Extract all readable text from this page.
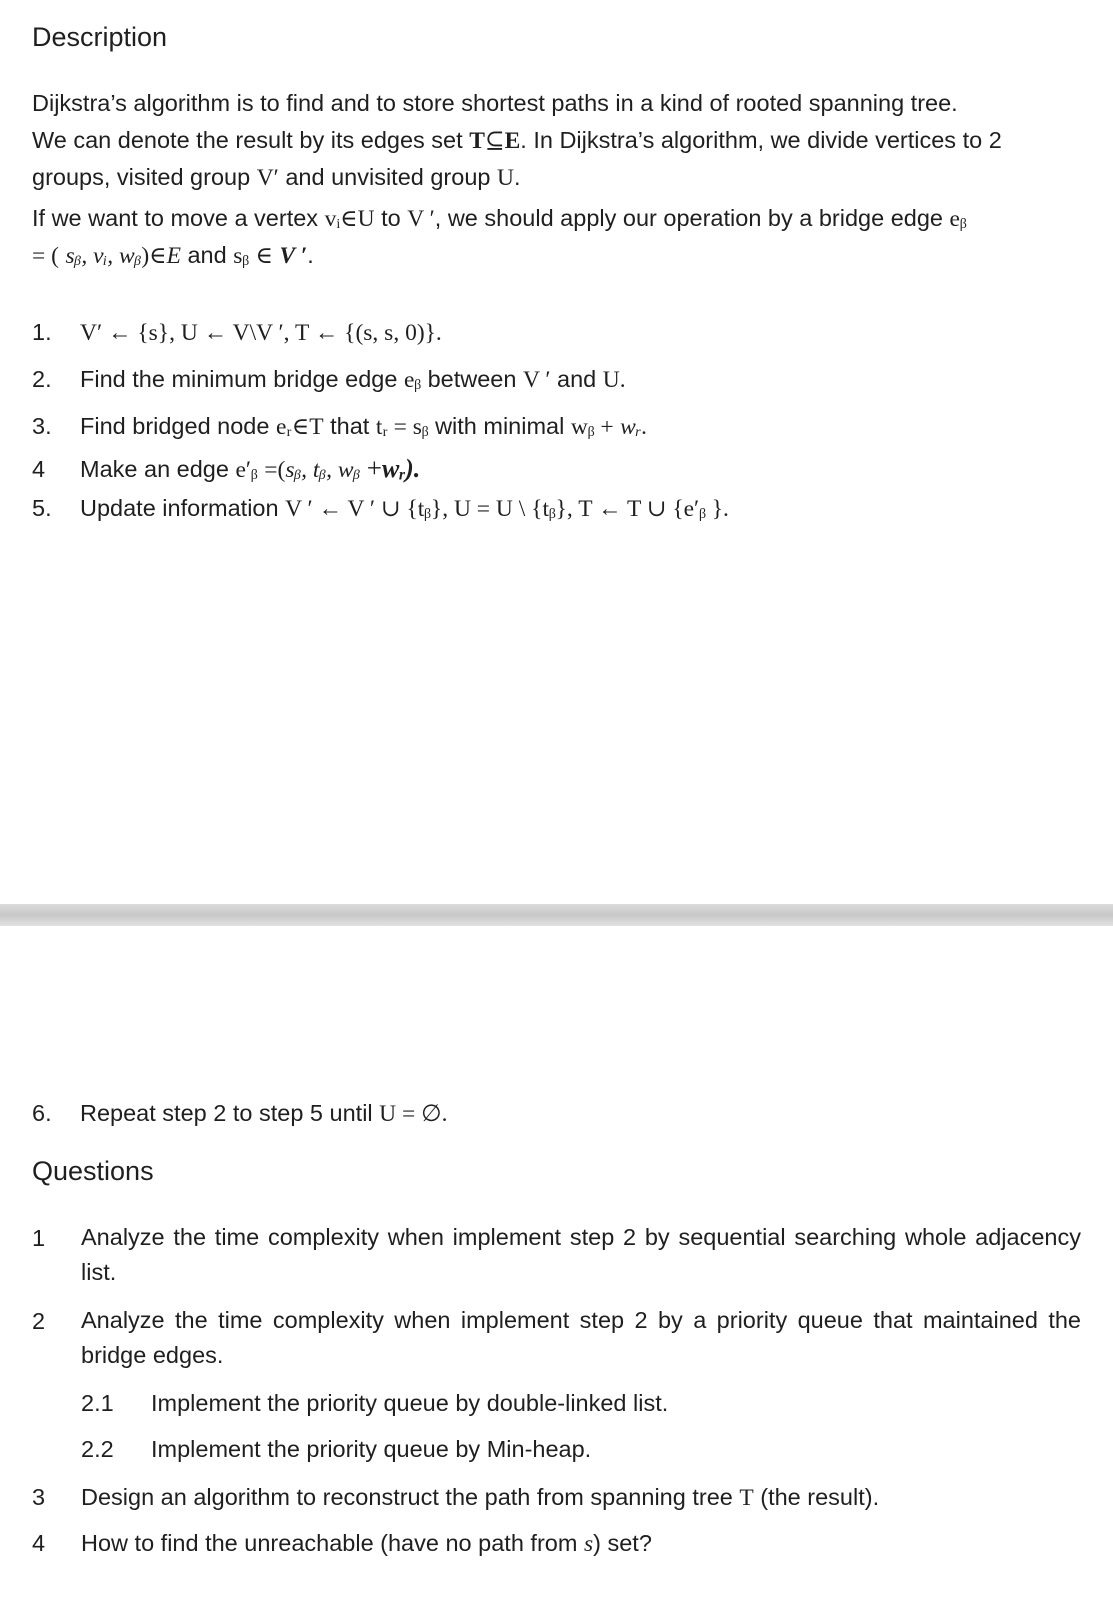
Description
Dijkstra’s algorithm is to find and to store shortest paths in a kind of rooted spanning tree.
We can denote the result by its edges set T⊆E. In Dijkstra’s algorithm, we divide vertices to 2
groups, visited group V′ and unvisited group U.
If we want to move a vertex vᵢ∈U to V ′, we should apply our operation by a bridge edge eᵦ
= ( sᵦ, vᵢ, wᵦ)∈E and sᵦ ∈ V ′.
1. V′ ← {s}, U ← V\V ′, T ← {(s, s, 0)}.
2. Find the minimum bridge edge eᵦ between V ′ and U.
3. Find bridged node eᵣ∈T that tᵣ = sᵦ with minimal wᵦ + wᵣ.
4 Make an edge e′ᵦ =(sᵦ, tᵦ, wᵦ +wᵣ).
5. Update information V ′ ← V ′ ∪ {tᵦ}, U = U \ {tᵦ}, T ← T ∪ {e′ᵦ }.
6. Repeat step 2 to step 5 until U = ∅.
Questions
1 Analyze the time complexity when implement step 2 by sequential searching whole adjacency list.
2 Analyze the time complexity when implement step 2 by a priority queue that maintained the bridge edges.
2.1 Implement the priority queue by double-linked list.
2.2 Implement the priority queue by Min-heap.
3 Design an algorithm to reconstruct the path from spanning tree T (the result).
4 How to find the unreachable (have no path from s) set?
